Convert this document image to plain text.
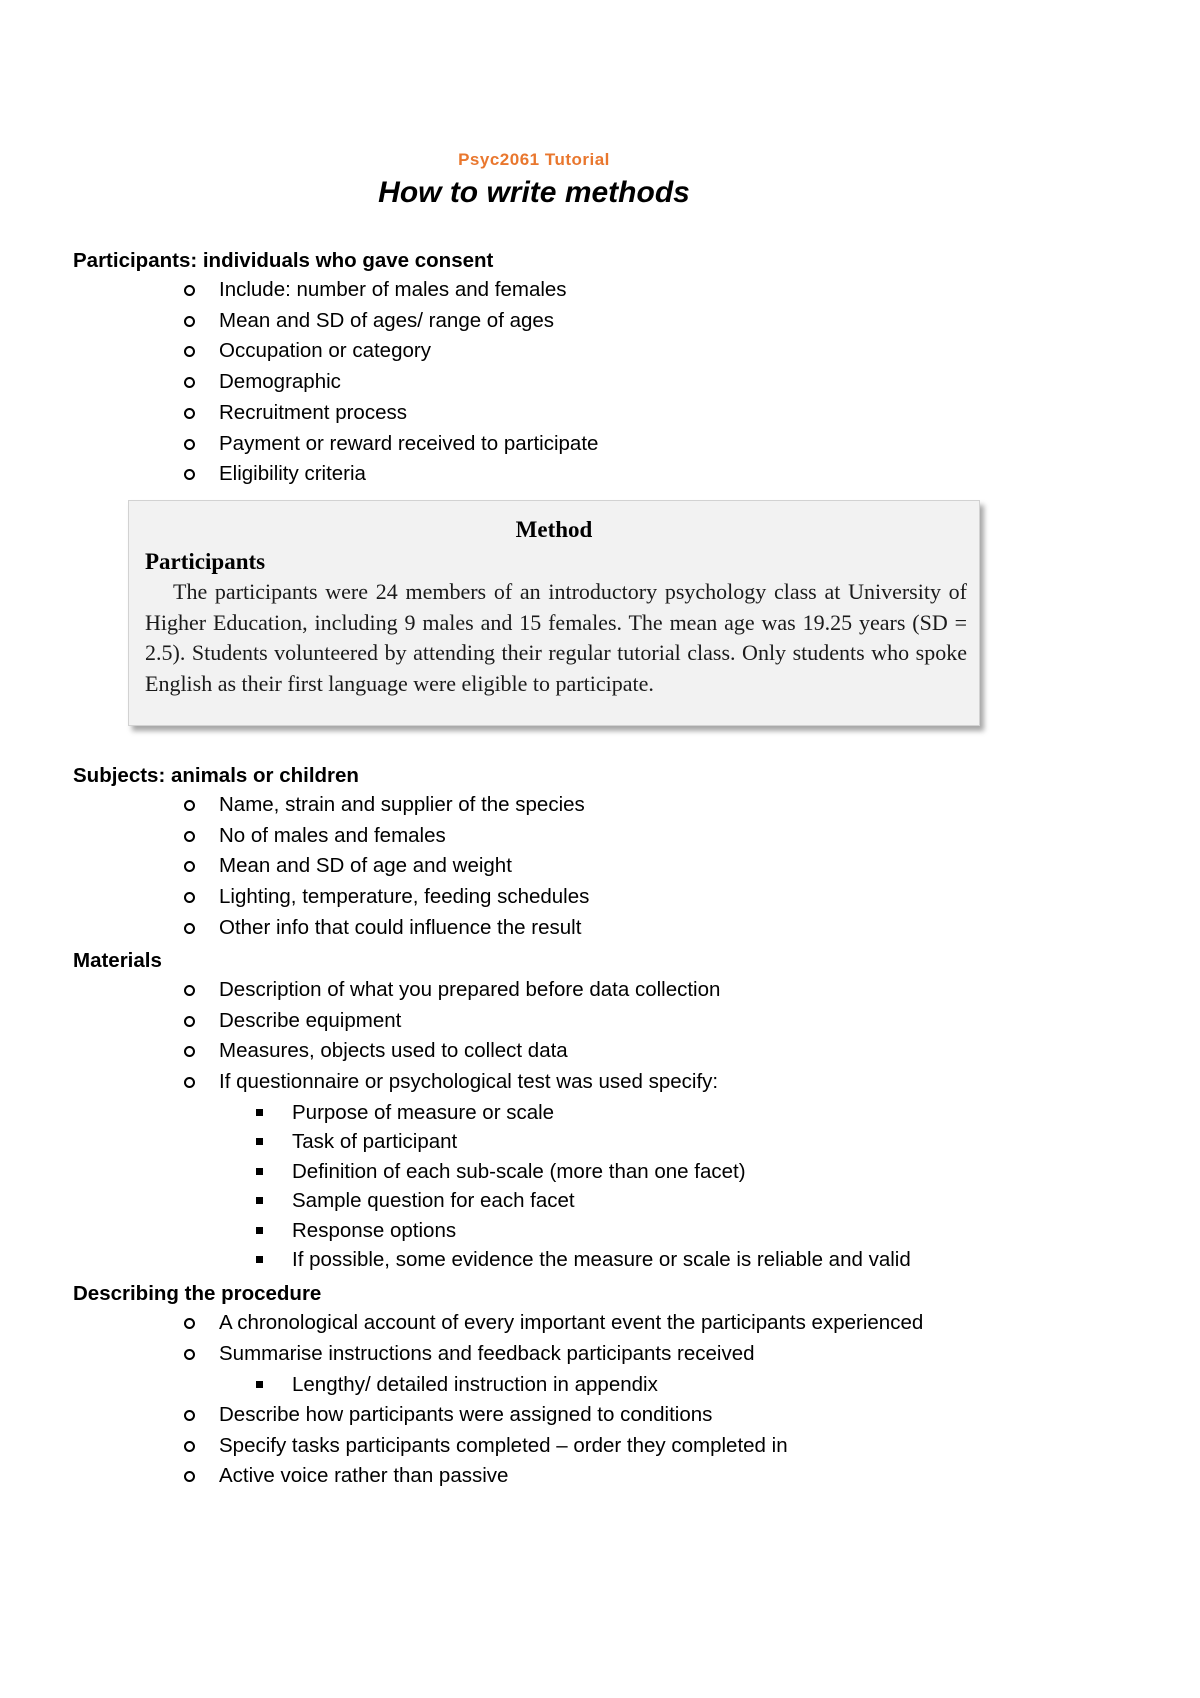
Psyc2061 Tutorial
How to write methods
Participants: individuals who gave consent
Include: number of males and females
Mean and SD of ages/ range of ages
Occupation or category
Demographic
Recruitment process
Payment or reward received to participate
Eligibility criteria
Method
Participants
The participants were 24 members of an introductory psychology class at University of Higher Education, including 9 males and 15 females. The mean age was 19.25 years (SD = 2.5). Students volunteered by attending their regular tutorial class. Only students who spoke English as their first language were eligible to participate.
Subjects: animals or children
Name, strain and supplier of the species
No of males and females
Mean and SD of age and weight
Lighting, temperature, feeding schedules
Other info that could influence the result
Materials
Description of what you prepared before data collection
Describe equipment
Measures, objects used to collect data
If questionnaire or psychological test was used specify:
Purpose of measure or scale
Task of participant
Definition of each sub-scale (more than one facet)
Sample question for each facet
Response options
If possible, some evidence the measure or scale is reliable and valid
Describing the procedure
A chronological account of every important event the participants experienced
Summarise instructions and feedback participants received
Lengthy/ detailed instruction in appendix
Describe how participants were assigned to conditions
Specify tasks participants completed – order they completed in
Active voice rather than passive
